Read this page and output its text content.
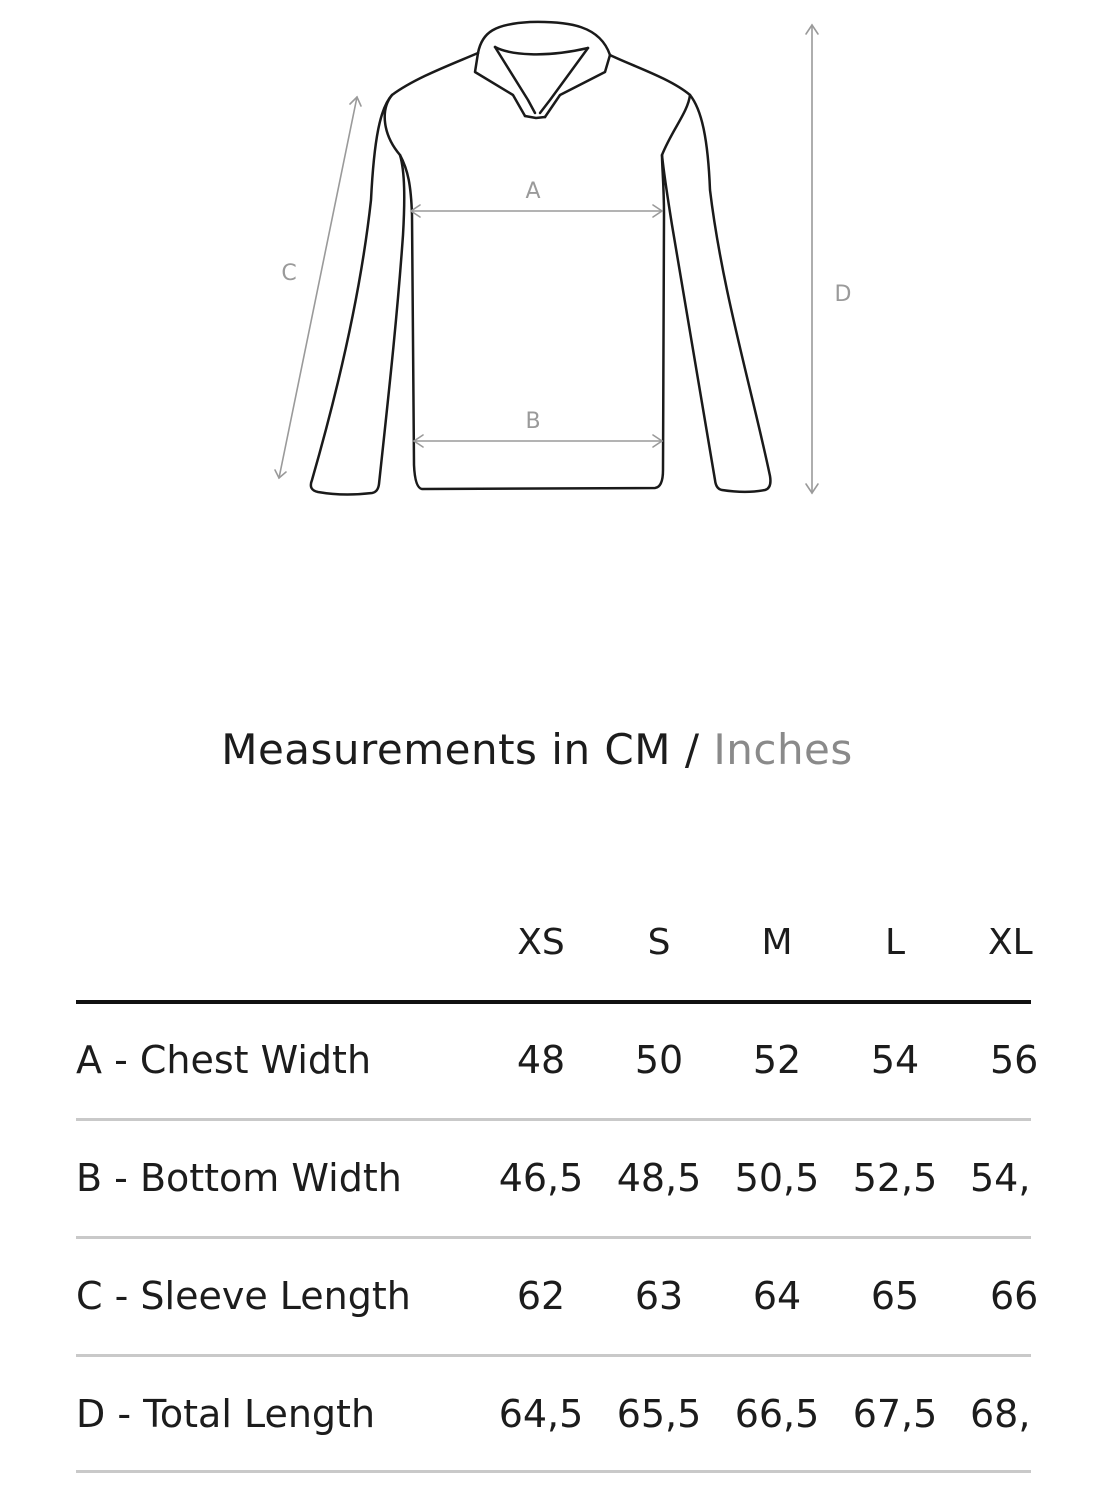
A
B
C
D
Measurements in CM / Inches
XS S	M	L XL
A - Chest Width	48 50 52 54 56
B - Bottom Width	46,5 48,5 50,5 52,5 54,
C - Sleeve Length	62 63 64 65 66
D - Total Length	64,5 65,5 66,5 67,5 68,
